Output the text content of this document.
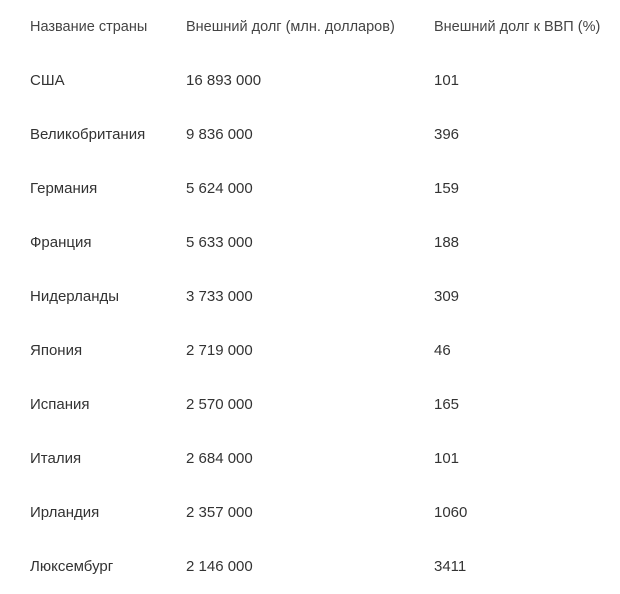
Название страны	Внешний долг (млн. долларов)	Внешний долг к ВВП (%)
США	16 893 000	101
Великобритания	9 836 000	396
Германия	5 624 000	159
Франция	5 633 000	188
Нидерланды	3 733 000	309
Япония	2 719 000	46
Испания	2 570 000	165
Италия	2 684 000	101
Ирландия	2 357 000	1060
Люксембург	2 146 000	3411
